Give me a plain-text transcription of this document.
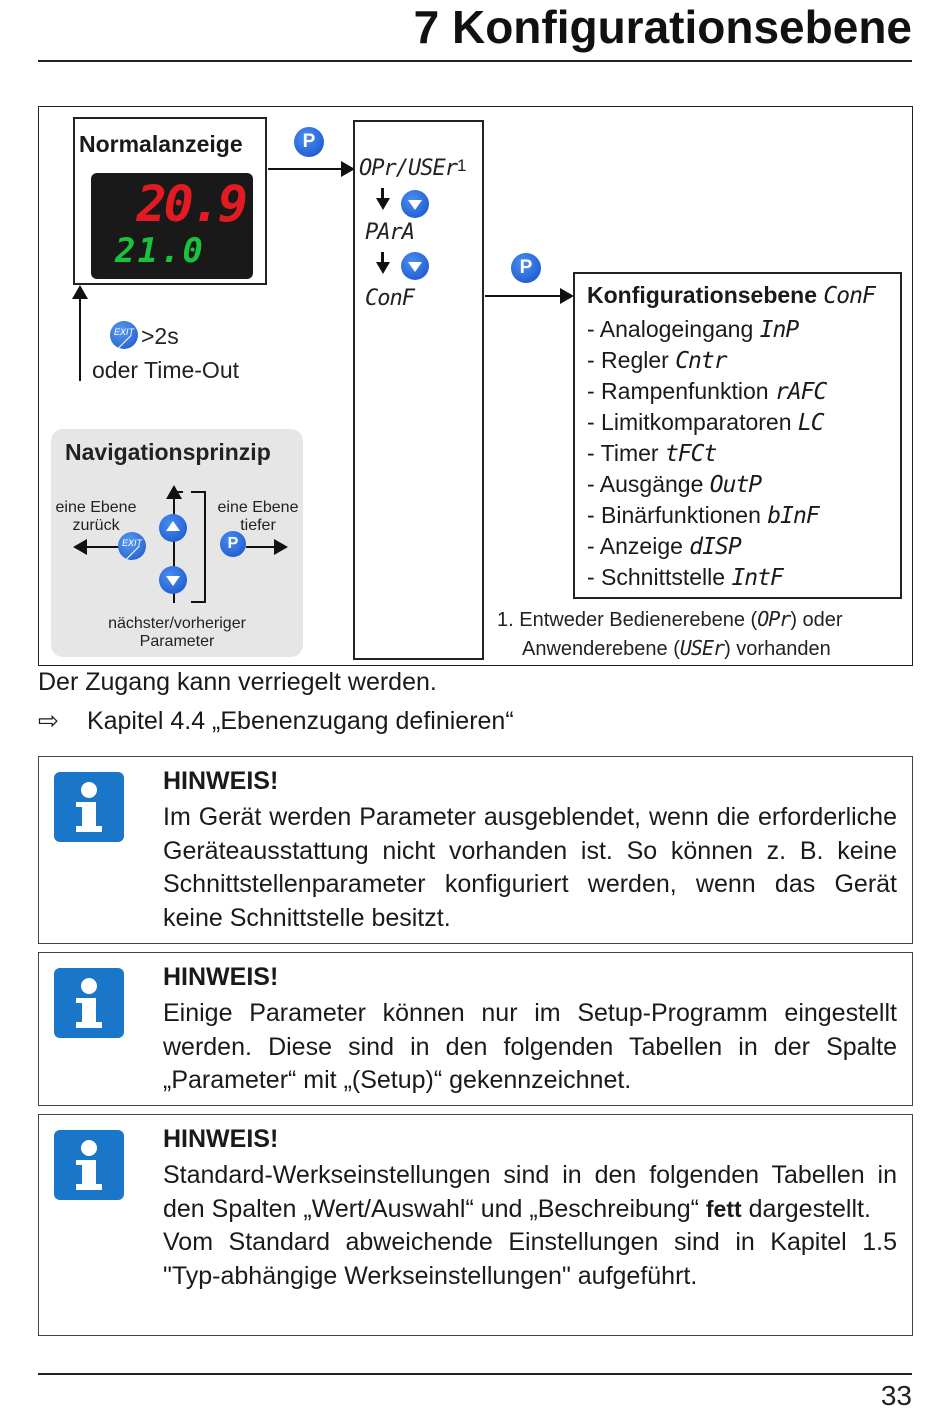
7 Konfigurationsebene
Normalanzeige
20.9
21.0
P
EXIT >2s
oder Time-Out
OPr/USEr$^1$
PArA
ConF
P
Navigationsprinzip
eine Ebene zurück
eine Ebene tiefer
EXIT	P
nächster/vorheriger Parameter
Konfigurationsebene ConF
- Analogeingang InP
- Regler Cntr
- Rampenfunktion rAFC
- Limitkomparatoren LC
- Timer tFCt
- Ausgänge OutP
- Binärfunktionen bInF
- Anzeige dISP
- Schnittstelle IntF
1. Entweder Bedienerebene (OPr) oder
Anwenderebene (USEr) vorhanden
Der Zugang kann verriegelt werden.
⇨ Kapitel 4.4 „Ebenenzugang definieren“
HINWEIS!
Im Gerät werden Parameter ausgeblendet, wenn die erforderliche Geräteausstattung nicht vorhanden ist. So können z. B. keine Schnittstellenparameter konfiguriert werden, wenn das Gerät keine Schnittstelle besitzt.
HINWEIS!
Einige Parameter können nur im Setup-Programm eingestellt werden. Diese sind in den folgenden Tabellen in der Spalte „Parameter“ mit „(Setup)“ gekennzeichnet.
HINWEIS!
Standard-Werkseinstellungen sind in den folgenden Tabellen in den Spalten „Wert/Auswahl“ und „Beschreibung“ fett dargestellt.
Vom Standard abweichende Einstellungen sind in Kapitel 1.5 "Typ-abhängige Werkseinstellungen" aufgeführt.
33
